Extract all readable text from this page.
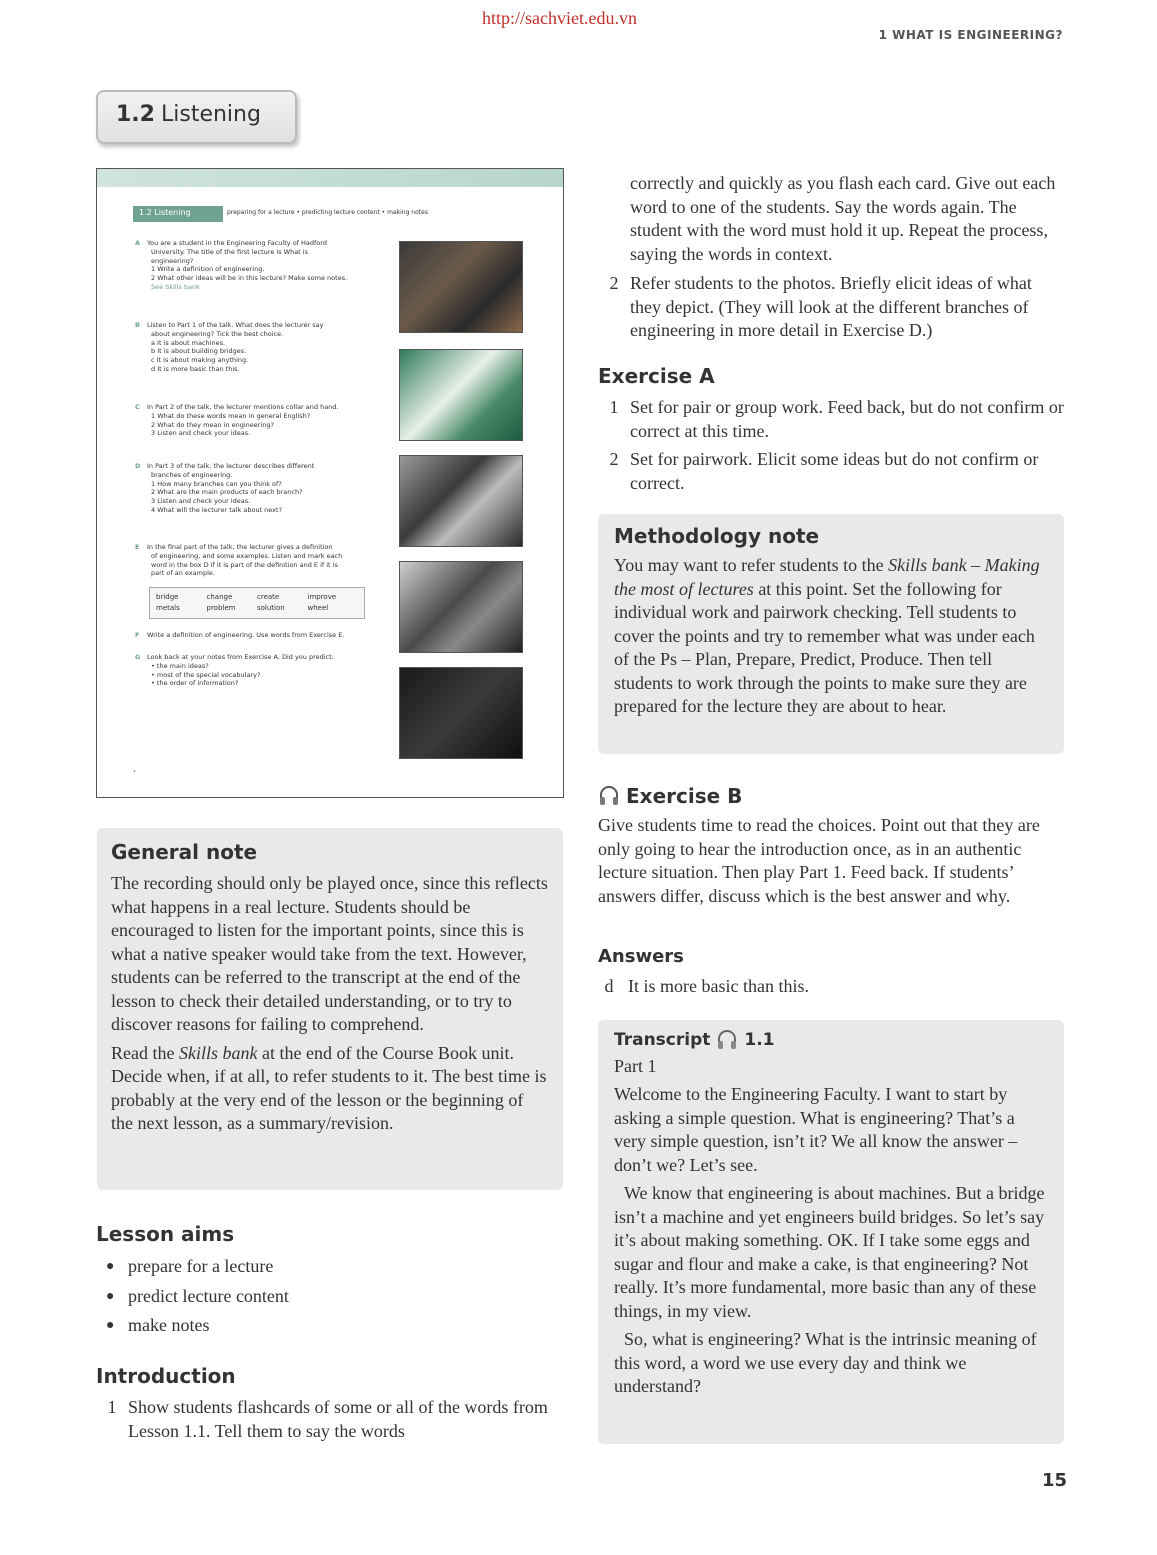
http://sachviet.edu.vn
1 WHAT IS ENGINEERING?
1.2 Listening
1.2 Listening	preparing for a lecture • predicting lecture content • making notes

A You are a student in the Engineering Faculty of Hadford

University. The title of the first lecture is What is

engineering?

1 Write a definition of engineering.

2 What other ideas will be in this lecture? Make some notes.

See Skills bank

B Listen to Part 1 of the talk. What does the lecturer say

about engineering? Tick the best choice.

a It is about machines.

b It is about building bridges.

c It is about making anything.

d It is more basic than this.

C In Part 2 of the talk, the lecturer mentions collar and hand.

1 What do these words mean in general English?

2 What do they mean in engineering?

3 Listen and check your ideas.

D In Part 3 of the talk, the lecturer describes different

branches of engineering.

1 How many branches can you think of?

2 What are the main products of each branch?

3 Listen and check your ideas.

4 What will the lecturer talk about next?

E In the final part of the talk, the lecturer gives a definition

of engineering, and some examples. Listen and mark each

word in the box D if it is part of the definition and E if it is

part of an example.

bridge	change	create	improve
metals	problem	solution	wheel

F Write a definition of engineering. Use words from Exercise E.

G Look back at your notes from Exercise A. Did you predict:

• the main ideas?

• most of the special vocabulary?

• the order of information?

•
General note

The recording should only be played once, since this reflects what happens in a real lecture. Students should be encouraged to listen for the important points, since this is what a native speaker would take from the text. However, students can be referred to the transcript at the end of the lesson to check their detailed understanding, or to try to discover reasons for failing to comprehend.

Read the Skills bank at the end of the Course Book unit. Decide when, if at all, to refer students to it. The best time is probably at the very end of the lesson or the beginning of the next lesson, as a summary/revision.

Lesson aims
● prepare for a lecture
● predict lecture content
● make notes
Introduction
1 Show students flashcards of some or all of the words from Lesson 1.1. Tell them to say the words
correctly and quickly as you flash each card. Give out each word to one of the students. Say the words again. The student with the word must hold it up. Repeat the process, saying the words in context.
2 Refer students to the photos. Briefly elicit ideas of what they depict. (They will look at the different branches of engineering in more detail in Exercise D.)
Exercise A
1 Set for pair or group work. Feed back, but do not confirm or correct at this time.
2 Set for pairwork. Elicit some ideas but do not confirm or correct.
Methodology note

You may want to refer students to the Skills bank – Making the most of lectures at this point. Set the following for individual work and pairwork checking. Tell students to cover the points and try to remember what was under each of the Ps – Plan, Prepare, Predict, Produce. Then tell students to work through the points to make sure they are prepared for the lecture they are about to hear.

Exercise B

Give students time to read the choices. Point out that they are only going to hear the introduction once, as in an authentic lecture situation. Then play Part 1. Feed back. If students’ answers differ, discuss which is the best answer and why.

Answers
d It is more basic than this.
Transcript 1.1
Part 1

Welcome to the Engineering Faculty. I want to start by asking a simple question. What is engineering? That’s a very simple question, isn’t it? We all know the answer – don’t we? Let’s see.

We know that engineering is about machines. But a bridge isn’t a machine and yet engineers build bridges. So let’s say it’s about making something. OK. If I take some eggs and sugar and flour and make a cake, is that engineering? Not really. It’s more fundamental, more basic than any of these things, in my view.

So, what is engineering? What is the intrinsic meaning of this word, a word we use every day and think we understand?

15
